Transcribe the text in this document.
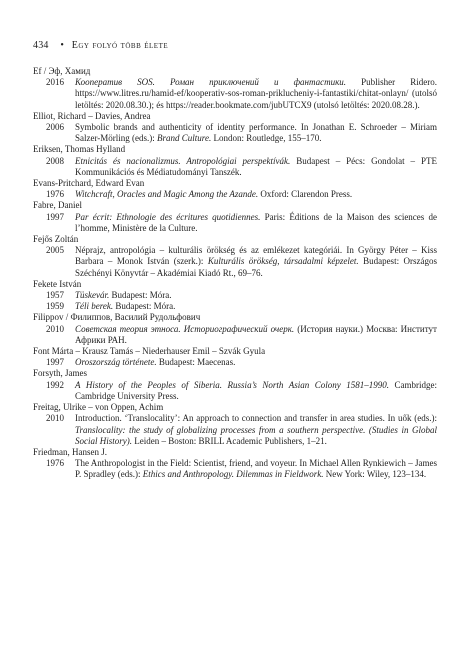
434 • Egy folyó több élete
Ef / Эф, Хамид
2016 Кооператив SOS. Роман приключений и фантастики. Publisher Ridero. https://www.litres.ru/hamid-ef/kooperativ-sos-roman-priklucheniy-i-fantastiki/chitat-onlayn/ (utolsó letöltés: 2020.08.30.); és https://reader.bookmate.com/jubUTCX9 (utolsó letöltés: 2020.08.28.).
Elliot, Richard – Davies, Andrea
2006 Symbolic brands and authenticity of identity performance. In Jonathan E. Schroeder – Miriam Salzer-Mörling (eds.): Brand Culture. London: Routledge, 155–170.
Eriksen, Thomas Hylland
2008 Etnicitás és nacionalizmus. Antropológiai perspektívák. Budapest – Pécs: Gondolat – PTE Kommunikációs és Médiatudományi Tanszék.
Evans-Pritchard, Edward Evan
1976 Witchcraft, Oracles and Magic Among the Azande. Oxford: Clarendon Press.
Fabre, Daniel
1997 Par écrit: Ethnologie des écritures quotidiennes. Paris: Éditions de la Maison des sciences de l’homme, Ministère de la Culture.
Fejős Zoltán
2005 Néprajz, antropológia – kulturális örökség és az emlékezet kategóriái. In György Péter – Kiss Barbara – Monok István (szerk.): Kulturális örökség, társadalmi képzelet. Budapest: Országos Széchényi Könyvtár – Akadémiai Kiadó Rt., 69–76.
Fekete István
1957 Tüskevár. Budapest: Móra.
1959 Téli berek. Budapest: Móra.
Filippov / Филиппов, Василий Рудольфович
2010 Советская теория этноса. Историографический очерк. (История науки.) Москва: Институт Африки РАН.
Font Márta – Krausz Tamás – Niederhauser Emil – Szvák Gyula
1997 Oroszország története. Budapest: Maecenas.
Forsyth, James
1992 A History of the Peoples of Siberia. Russia’s North Asian Colony 1581–1990. Cambridge: Cambridge University Press.
Freitag, Ulrike – von Oppen, Achim
2010 Introduction. ‘Translocality’: An approach to connection and transfer in area studies. In uők (eds.): Translocality: the study of globalizing processes from a southern perspective. (Studies in Global Social History). Leiden – Boston: BRILL Academic Publishers, 1–21.
Friedman, Hansen J.
1976 The Anthropologist in the Field: Scientist, friend, and voyeur. In Michael Allen Rynkiewich – James P. Spradley (eds.): Ethics and Anthropology. Dilemmas in Fieldwork. New York: Wiley, 123–134.
